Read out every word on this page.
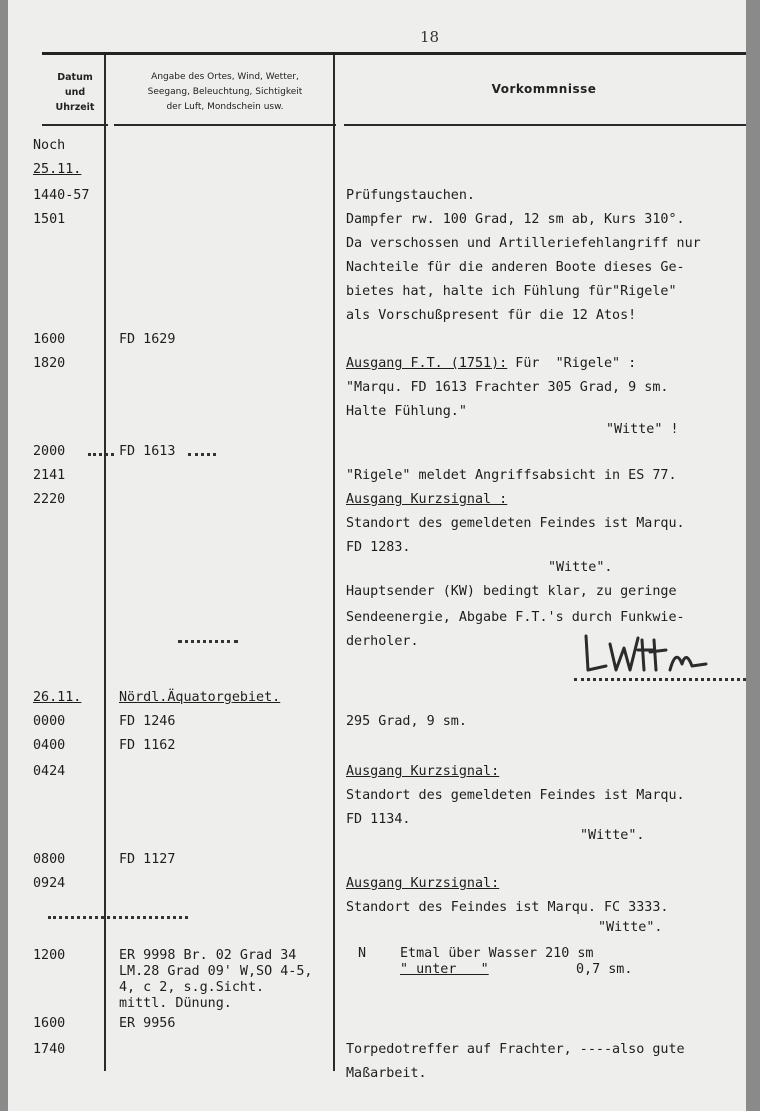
18
Datum
und
Uhrzeit
Angabe des Ortes, Wind, Wetter,
Seegang, Beleuchtung, Sichtigkeit
der Luft, Mondschein usw.
Vorkommnisse
Noch
25.11.
1440-57
1501
1600
1820
2000
2141
2220
26.11.
0000
0400
0424
0800
0924
1200
1600
1740
FD 1629
FD 1613
Nördl.Äquatorgebiet.
FD 1246
FD 1162
FD 1127
ER 9998 Br. 02 Grad 34
LM.28 Grad 09' W,SO 4-5,
4, c 2, s.g.Sicht.
mittl. Dünung.
ER 9956
Prüfungstauchen.
Dampfer rw. 100 Grad, 12 sm ab, Kurs 310°.
Da verschossen und Artilleriefehlangriff nur
Nachteile für die anderen Boote dieses Ge-
bietes hat, halte ich Fühlung für"Rigele"
als Vorschußpresent für die 12 Atos!
Ausgang F.T. (1751): Für  "Rigele" :
"Marqu. FD 1613 Frachter 305 Grad, 9 sm.
Halte Fühlung."
"Witte" !
"Rigele" meldet Angriffsabsicht in ES 77.
Ausgang Kurzsignal :
Standort des gemeldeten Feindes ist Marqu.
FD 1283.
"Witte".
Hauptsender (KW) bedingt klar, zu geringe
Sendeenergie, Abgabe F.T.'s durch Funkwie-
derholer.
295 Grad, 9 sm.
Ausgang Kurzsignal:
Standort des gemeldeten Feindes ist Marqu.
FD 1134.
"Witte".
Ausgang Kurzsignal:
Standort des Feindes ist Marqu. FC 3333.
"Witte".
N	Etmal über Wasser 210 sm
" unter   "	0,7 sm.
Torpedotreffer auf Frachter, ----also gute
Maßarbeit.
